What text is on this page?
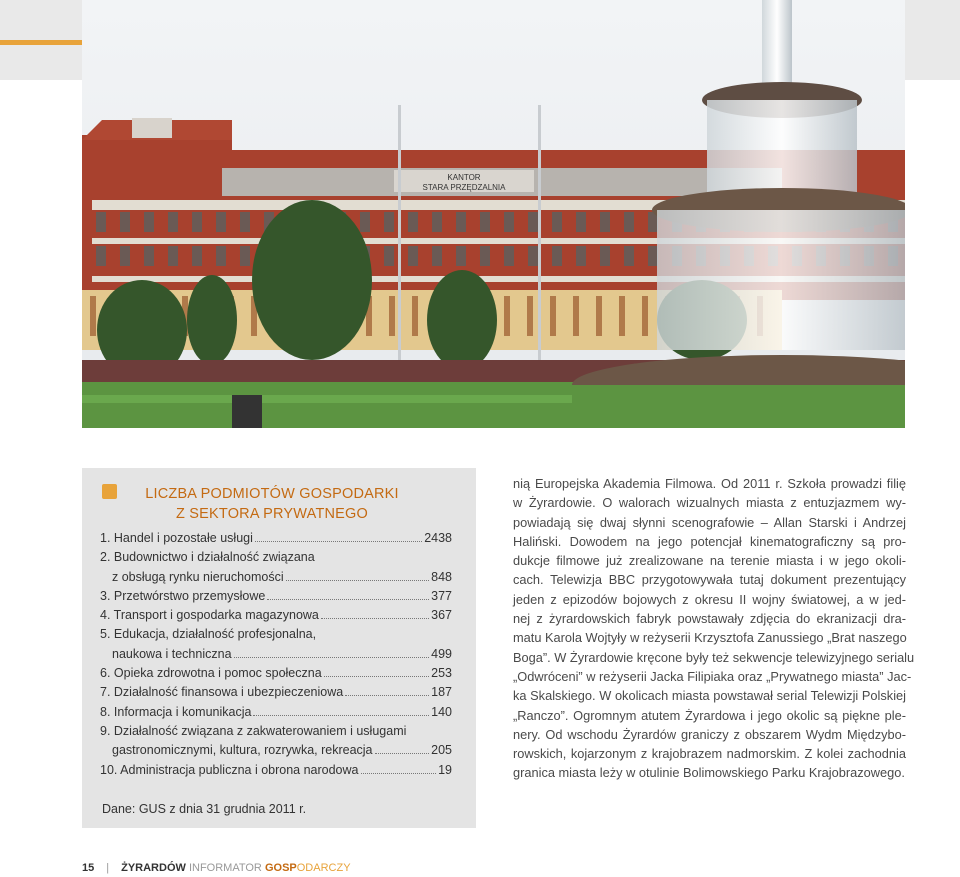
KANTOR
STARA PRZĘDZALNIA
LICZBA PODMIOTÓW GOSPODARKI
Z SEKTORA PRYWATNEGO
1. Handel i pozostałe usługi	2438
2. Budownictwo i działalność związana
z obsługą rynku nieruchomości	848
3. Przetwórstwo przemysłowe	377
4. Transport i gospodarka magazynowa	367
5. Edukacja, działalność profesjonalna,
naukowa i techniczna	499
6. Opieka zdrowotna i pomoc społeczna	253
7. Działalność finansowa i ubezpieczeniowa	187
8. Informacja i komunikacja	140
9. Działalność związana z zakwaterowaniem i usługami
gastronomicznymi, kultura, rozrywka, rekreacja	205
10. Administracja publiczna i obrona narodowa	19
Dane: GUS z dnia 31 grudnia 2011 r.
nią Europejska Akademia Filmowa. Od 2011 r. Szkoła prowadzi filię
w Żyrardowie. O walorach wizualnych miasta z entuzjazmem wy-
powiadają się dwaj słynni scenografowie – Allan Starski i Andrzej
Haliński. Dowodem na jego potencjał kinematograficzny są pro-
dukcje filmowe już zrealizowane na terenie miasta i w jego okoli-
cach. Telewizja BBC przygotowywała tutaj dokument prezentujący
jeden z epizodów bojowych z okresu II wojny światowej, a w jed-
nej z żyrardowskich fabryk powstawały zdjęcia do ekranizacji dra-
matu Karola Wojtyły w reżyserii Krzysztofa Zanussiego „Brat naszego
Boga”. W Żyrardowie kręcone były też sekwencje telewizyjnego serialu
„Odwróceni” w reżyserii Jacka Filipiaka oraz „Prywatnego miasta” Jac-
ka Skalskiego. W okolicach miasta powstawał serial Telewizji Polskiej
„Ranczo”. Ogromnym atutem Żyrardowa i jego okolic są piękne ple-
nery. Od wschodu Żyrardów graniczy z obszarem Wydm Międzybo-
rowskich, kojarzonym z krajobrazem nadmorskim. Z kolei zachodnia
granica miasta leży w otulinie Bolimowskiego Parku Krajobrazowego.
15 | ŻYRARDÓW
INFORMATOR
GOSP ODARCZY
